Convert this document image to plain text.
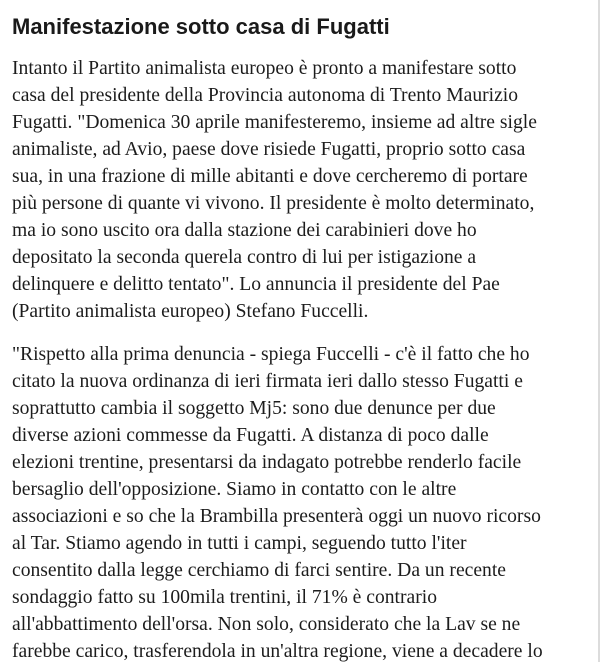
Manifestazione sotto casa di Fugatti

Intanto il Partito animalista europeo è pronto a manifestare sotto
casa del presidente della Provincia autonoma di Trento Maurizio
Fugatti. "Domenica 30 aprile manifesteremo, insieme ad altre sigle
animaliste, ad Avio, paese dove risiede Fugatti, proprio sotto casa
sua, in una frazione di mille abitanti e dove cercheremo di portare
più persone di quante vi vivono. Il presidente è molto determinato,
ma io sono uscito ora dalla stazione dei carabinieri dove ho
depositato la seconda querela contro di lui per istigazione a
delinquere e delitto tentato". Lo annuncia il presidente del Pae
(Partito animalista europeo) Stefano Fuccelli.

"Rispetto alla prima denuncia - spiega Fuccelli - c'è il fatto che ho
citato la nuova ordinanza di ieri firmata ieri dallo stesso Fugatti e
soprattutto cambia il soggetto Mj5: sono due denunce per due
diverse azioni commesse da Fugatti. A distanza di poco dalle
elezioni trentine, presentarsi da indagato potrebbe renderlo facile
bersaglio dell'opposizione. Siamo in contatto con le altre
associazioni e so che la Brambilla presenterà oggi un nuovo ricorso
al Tar. Stiamo agendo in tutti i campi, seguendo tutto l'iter
consentito dalla legge cerchiamo di farci sentire. Da un recente
sondaggio fatto su 100mila trentini, il 71% è contrario
all'abbattimento dell'orsa. Non solo, considerato che la Lav se ne
farebbe carico, trasferendola in un'altra regione, viene a decadere lo
